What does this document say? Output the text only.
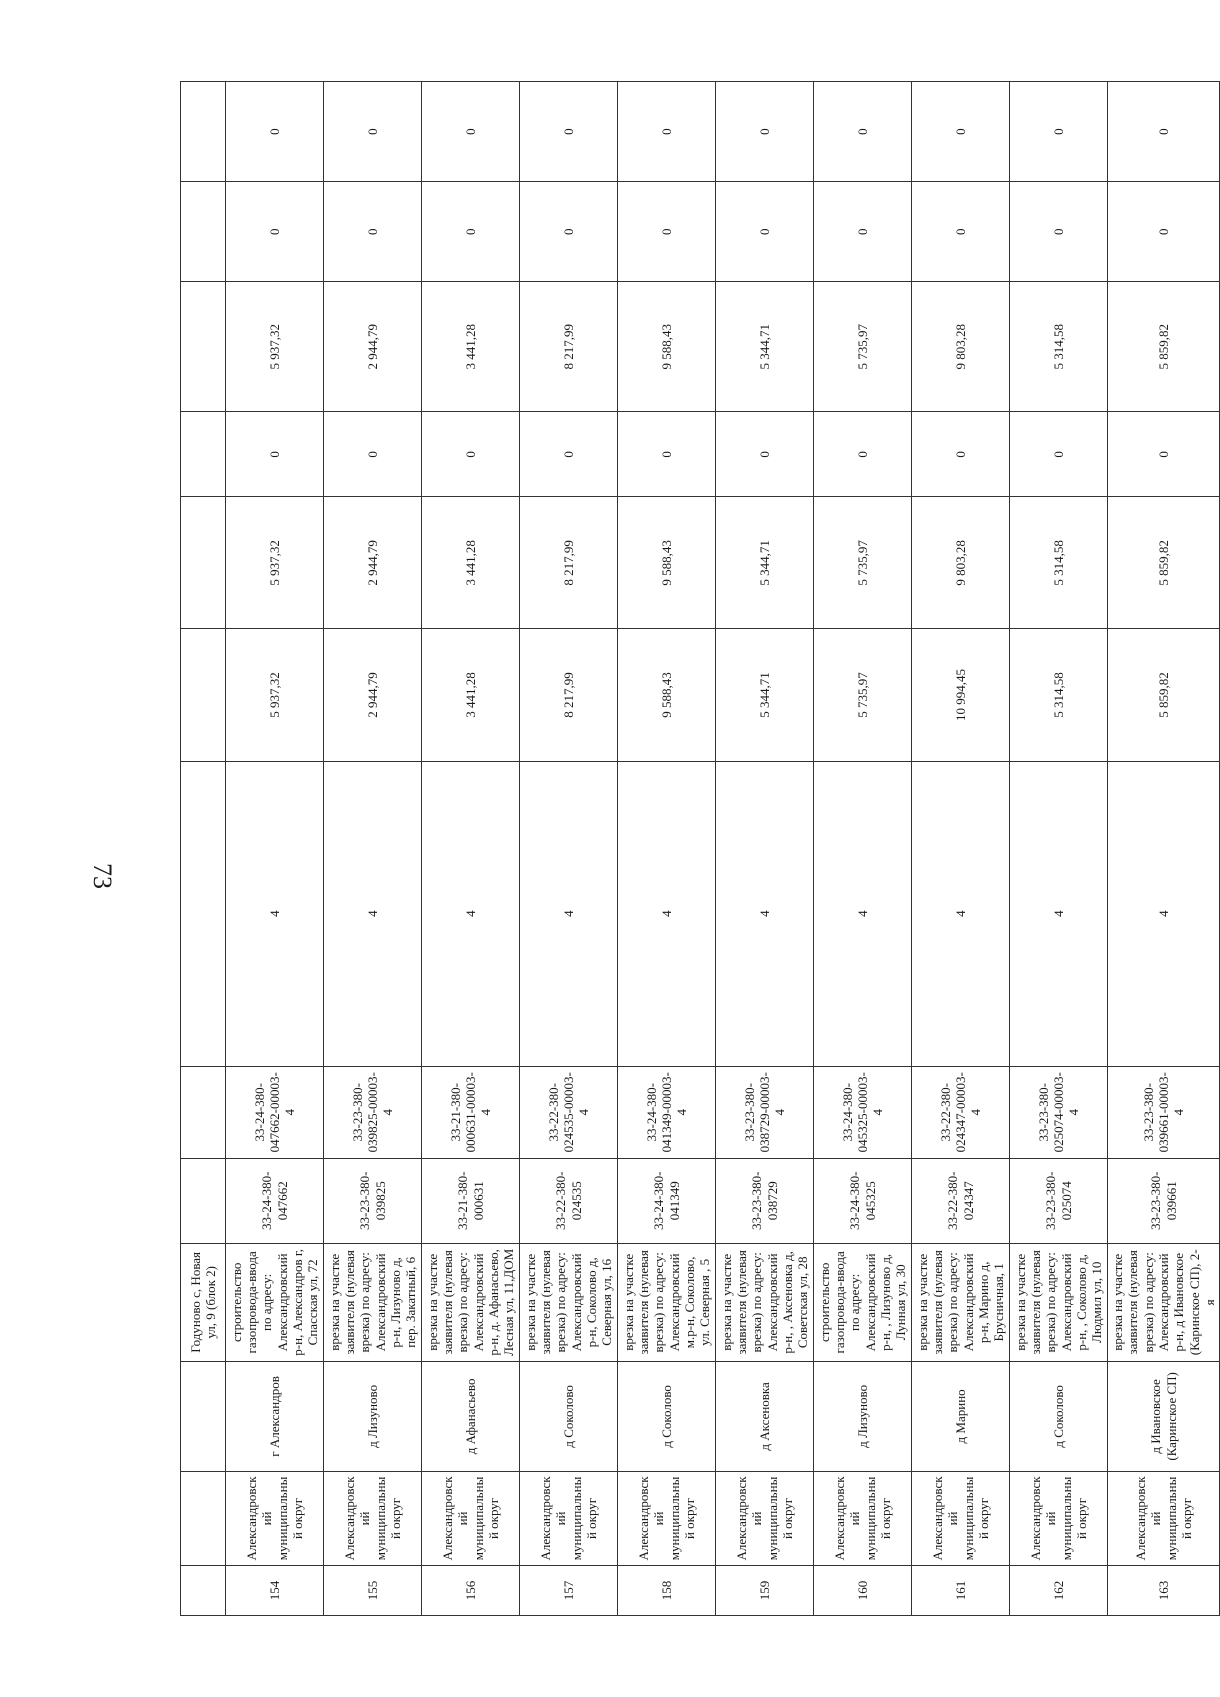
73
			Годуново с, Новая ул, 9 (блок 2)									
154	Александровский муниципальный округ	г Александров	строительство газопровода-ввода по адресу: Александровский р-н, Александров г, Спасская ул, 72	33-24-380-047662	33-24-380-047662-00003-4	4	5 937,32	5 937,32	0	5 937,32	0	0
155	Александровский муниципальный округ	д Лизуново	врезка на участке заявителя (нулевая врезка) по адресу: Александровский р-н, Лизуново д, пер. Закатный, 6	33-23-380-039825	33-23-380-039825-00003-4	4	2 944,79	2 944,79	0	2 944,79	0	0
156	Александровский муниципальный округ	д Афанасьево	врезка на участке заявителя (нулевая врезка) по адресу: Александровский р-н, д. Афанасьево, Лесная ул, 11,ДОМ	33-21-380-000631	33-21-380-000631-00003-4	4	3 441,28	3 441,28	0	3 441,28	0	0
157	Александровский муниципальный округ	д Соколово	врезка на участке заявителя (нулевая врезка) по адресу: Александровский р-н, Соколово д, Северная ул, 16	33-22-380-024535	33-22-380-024535-00003-4	4	8 217,99	8 217,99	0	8 217,99	0	0
158	Александровский муниципальный округ	д Соколово	врезка на участке заявителя (нулевая врезка) по адресу: Александровский м.р-н, Соколово, ул. Северная , 5	33-24-380-041349	33-24-380-041349-00003-4	4	9 588,43	9 588,43	0	9 588,43	0	0
159	Александровский муниципальный округ	д Аксеновка	врезка на участке заявителя (нулевая врезка) по адресу: Александровский р-н, , Аксеновка д, Советская ул, 28	33-23-380-038729	33-23-380-038729-00003-4	4	5 344,71	5 344,71	0	5 344,71	0	0
160	Александровский муниципальный округ	д Лизуново	строительство газопровода-ввода по адресу: Александровский р-н, , Лизуново д, Лунная ул, 30	33-24-380-045325	33-24-380-045325-00003-4	4	5 735,97	5 735,97	0	5 735,97	0	0
161	Александровский муниципальный округ	д Марино	врезка на участке заявителя (нулевая врезка) по адресу: Александровский р-н, Марино д, Брусничная, 1	33-22-380-024347	33-22-380-024347-00003-4	4	10 994,45	9 803,28	0	9 803,28	0	0
162	Александровский муниципальный округ	д Соколово	врезка на участке заявителя (нулевая врезка) по адресу: Александровский р-н, , Соколово д, Людмил ул, 10	33-23-380-025074	33-23-380-025074-00003-4	4	5 314,58	5 314,58	0	5 314,58	0	0
163	Александровский муниципальный округ	д Ивановское (Каринское СП)	врезка на участке заявителя (нулевая врезка) по адресу: Александровский р-н, д Ивановское (Каринское СП), 2-я	33-23-380-039661	33-23-380-039661-00003-4	4	5 859,82	5 859,82	0	5 859,82	0	0
